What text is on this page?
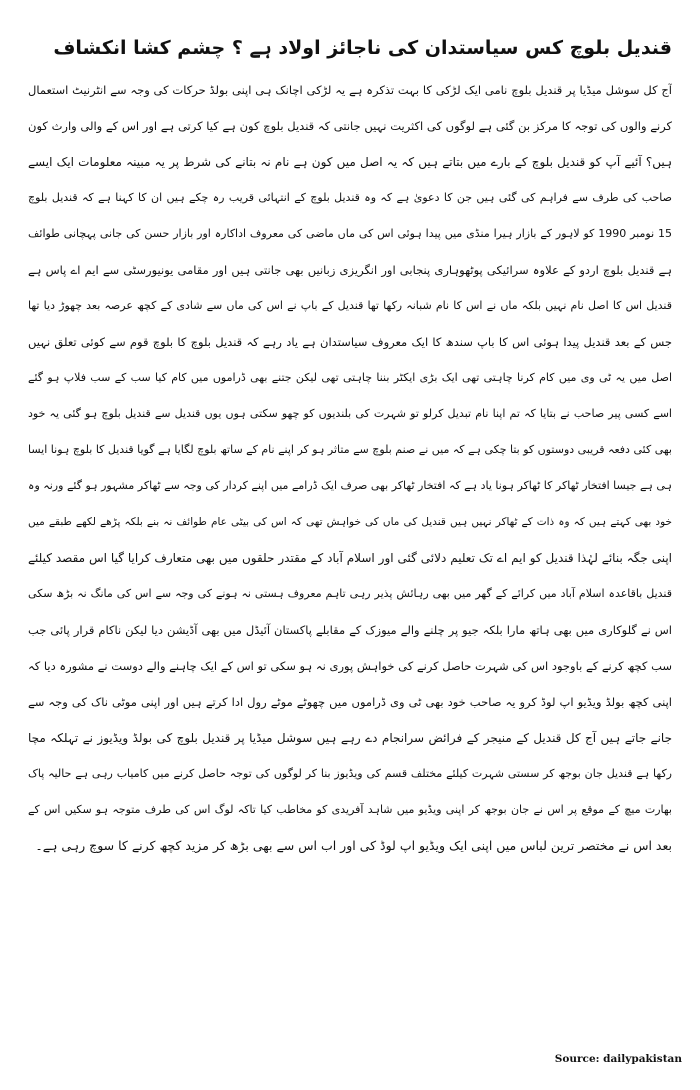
قندیل بلوچ کس سیاستدان کی ناجائز اولاد ہے ؟ چشم کشا انکشاف
آج کل سوشل میڈیا پر قندیل بلوچ نامی ایک لڑکی کا بہت تذکرہ ہے یہ لڑکی اچانک ہی اپنی بولڈ حرکات کی وجہ سے انٹرنیٹ استعمال
کرنے والوں کی توجہ کا مرکز بن گئی ہے لوگوں کی اکثریت نہیں جانتی کہ قندیل بلوچ کون ہے کیا کرتی ہے اور اس کے والی وارث کون
ہیں؟ آئیے آپ کو قندیل بلوچ کے بارے میں بتاتے ہیں کہ یہ اصل میں کون ہے نام نہ بتانے کی شرط پر یہ مبینہ معلومات ایک ایسے
صاحب کی طرف سے فراہم کی گئی ہیں جن کا دعویٰ ہے کہ وہ قندیل بلوچ کے انتہائی قریب رہ چکے ہیں ان کا کہنا ہے کہ قندیل بلوچ
15 نومبر 1990 کو لاہور کے بازار ہیرا منڈی میں پیدا ہوئی اس کی ماں ماضی کی معروف اداکارہ اور بازار حسن کی جانی پہچانی طوائف
ہے قندیل بلوچ اردو کے علاوہ سرائیکی پوٹھوہاری پنجابی اور انگریزی زبانیں بھی جانتی ہیں اور مقامی یونیورسٹی سے ایم اے پاس ہے
قندیل اس کا اصل نام نہیں بلکہ ماں نے اس کا نام شبانہ رکھا تھا قندیل کے باپ نے اس کی ماں سے شادی کے کچھ عرصہ بعد چھوڑ دیا تھا
جس کے بعد قندیل پیدا ہوئی اس کا باپ سندھ کا ایک معروف سیاستدان ہے یاد رہے کہ قندیل بلوچ کا بلوچ قوم سے کوئی تعلق نہیں
اصل میں یہ ٹی وی میں کام کرنا چاہتی تھی ایک بڑی ایکٹر بننا چاہتی تھی لیکن جتنے بھی ڈراموں میں کام کیا سب کے سب فلاپ ہو گئے
اسے کسی پیر صاحب نے بتایا کہ تم اپنا نام تبدیل کرلو تو شہرت کی بلندیوں کو چھو سکتی ہوں یوں قندیل سے قندیل بلوچ ہو گئی یہ خود
بھی کئی دفعہ قریبی دوستوں کو بتا چکی ہے کہ میں نے صنم بلوچ سے متاثر ہو کر اپنے نام کے ساتھ بلوچ لگایا ہے گویا قندیل کا بلوچ ہونا ایسا
ہی ہے جیسا افتخار ٹھاکر کا ٹھاکر ہونا یاد ہے کہ افتخار ٹھاکر بھی صرف ایک ڈرامے میں اپنے کردار کی وجہ سے ٹھاکر مشہور ہو گئے ورنہ وہ
خود بھی کہتے ہیں کہ وہ ذات کے ٹھاکر نہیں ہیں قندیل کی ماں کی خواہش تھی کہ اس کی بیٹی عام طوائف نہ بنے بلکہ پڑھے لکھے طبقے میں
اپنی جگہ بنائے لہٰذا قندیل کو ایم اے تک تعلیم دلائی گئی اور اسلام آباد کے مقتدر حلقوں میں بھی متعارف کرایا گیا اس مقصد کیلئے
قندیل باقاعدہ اسلام آباد میں کرائے کے گھر میں بھی رہائش پذیر رہی تاہم معروف ہستی نہ ہونے کی وجہ سے اس کی مانگ نہ بڑھ سکی
اس نے گلوکاری میں بھی ہاتھ مارا بلکہ جیو پر چلنے والے میوزک کے مقابلے پاکستان آئیڈل میں بھی آڈیشن دیا لیکن ناکام قرار پائی جب
سب کچھ کرنے کے باوجود اس کی شہرت حاصل کرنے کی خواہش پوری نہ ہو سکی تو اس کے ایک چاہنے والے دوست نے مشورہ دیا کہ
اپنی کچھ بولڈ ویڈیو اپ لوڈ کرو یہ صاحب خود بھی ٹی وی ڈراموں میں چھوٹے موٹے رول ادا کرتے ہیں اور اپنی موٹی ناک کی وجہ سے
جانے جاتے ہیں آج کل قندیل کے منیجر کے فرائض سرانجام دے رہے ہیں سوشل میڈیا پر قندیل بلوچ کی بولڈ ویڈیوز نے تہلکہ مچا
رکھا ہے قندیل جان بوجھ کر سستی شہرت کیلئے مختلف قسم کی ویڈیوز بنا کر لوگوں کی توجہ حاصل کرنے میں کامیاب رہی ہے حالیہ پاک
بھارت میچ کے موقع پر اس نے جان بوجھ کر اپنی ویڈیو میں شاہد آفریدی کو مخاطب کیا تاکہ لوگ اس کی طرف متوجہ ہو سکیں اس کے
بعد اس نے مختصر ترین لباس میں اپنی ایک ویڈیو اپ لوڈ کی اور اب اس سے بھی بڑھ کر مزید کچھ کرنے کا سوچ رہی ہے۔
Source: dailypakistan
